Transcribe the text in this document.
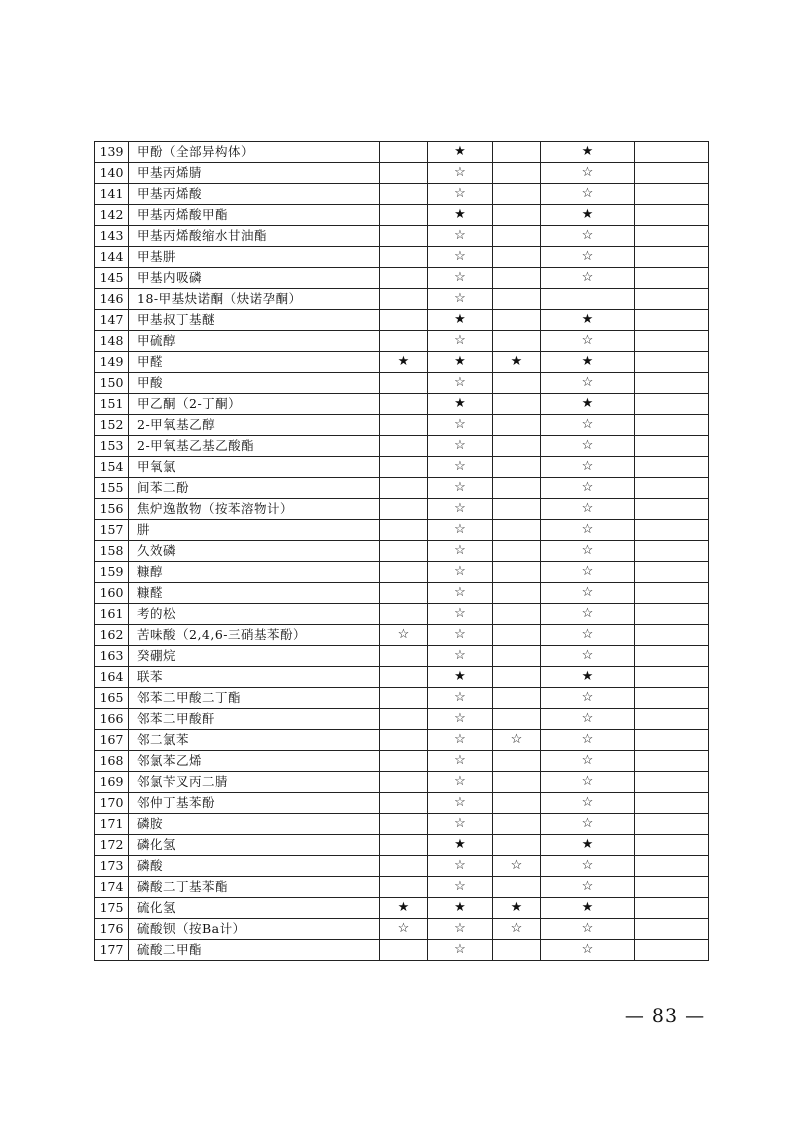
139	甲酚（全部异构体）		★		★	
140	甲基丙烯腈		☆		☆	
141	甲基丙烯酸		☆		☆	
142	甲基丙烯酸甲酯		★		★	
143	甲基丙烯酸缩水甘油酯		☆		☆	
144	甲基肼		☆		☆	
145	甲基内吸磷		☆		☆	
146	18-甲基炔诺酮（炔诺孕酮）		☆			
147	甲基叔丁基醚		★		★	
148	甲硫醇		☆		☆	
149	甲醛	★	★	★	★	
150	甲酸		☆		☆	
151	甲乙酮（2-丁酮）		★		★	
152	2-甲氧基乙醇		☆		☆	
153	2-甲氧基乙基乙酸酯		☆		☆	
154	甲氧氯		☆		☆	
155	间苯二酚		☆		☆	
156	焦炉逸散物（按苯溶物计）		☆		☆	
157	肼		☆		☆	
158	久效磷		☆		☆	
159	糠醇		☆		☆	
160	糠醛		☆		☆	
161	考的松		☆		☆	
162	苦味酸（2,4,6-三硝基苯酚）	☆	☆		☆	
163	癸硼烷		☆		☆	
164	联苯		★		★	
165	邻苯二甲酸二丁酯		☆		☆	
166	邻苯二甲酸酐		☆		☆	
167	邻二氯苯		☆	☆	☆	
168	邻氯苯乙烯		☆		☆	
169	邻氯苄叉丙二腈		☆		☆	
170	邻仲丁基苯酚		☆		☆	
171	磷胺		☆		☆	
172	磷化氢		★		★	
173	磷酸		☆	☆	☆	
174	磷酸二丁基苯酯		☆		☆	
175	硫化氢	★	★	★	★	
176	硫酸钡（按Ba计）	☆	☆	☆	☆	
177	硫酸二甲酯		☆		☆	
— 83 —
